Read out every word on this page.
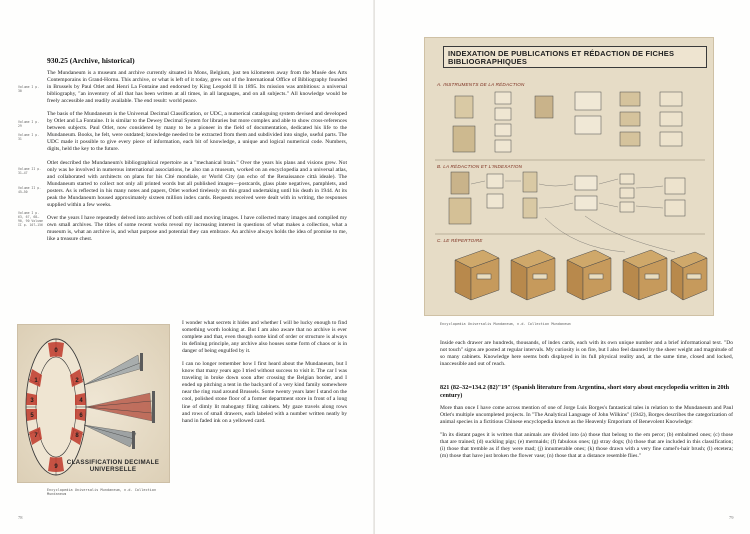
930.25 (Archive, historical)
Volume I p. 30
Volume I p. 29
Volume I p. 31
Volume II p. 31–47
Volume II p. 45–50
Volume I p. 63, 67, 68–90, 90 Volume II p. 107–156

The Mundaneum is a museum and archive currently situated in Mons, Belgium, just ten kilometers away from the Musée des Arts Contemporains in Grand-Hornu. This archive, or what is left of it today, grew out of the International Office of Bibliography founded in Brussels by Paul Otlet and Henri La Fontaine and endorsed by King Leopold II in 1895. Its mission was ambitious: a universal bibliography, "an inventory of all that has been written at all times, in all languages, and on all subjects." All knowledge would be freely accessible and readily available. The end result: world peace.

The basis of the Mundaneum is the Universal Decimal Classification, or UDC, a numerical cataloguing system devised and developed by Otlet and La Fontaine. It is similar to the Dewey Decimal System for libraries but more complex and able to show cross-references between subjects. Paul Otlet, now considered by many to be a pioneer in the field of documentation, dedicated his life to the Mundaneum. Books, he felt, were outdated; knowledge needed to be extracted from them and subdivided into single, useful parts. The UDC made it possible to give every piece of information, each bit of knowledge, a unique and logical numerical code. Numbers, digits, held the key to the future.

Otlet described the Mundaneum's bibliographical repertoire as a "mechanical brain." Over the years his plans and visions grew. Not only was he involved in numerous international associations, he also ran a museum, worked on an encyclopedia and a universal atlas, and collaborated with architects on plans for his Cité mondiale, or World City (an echo of the Renaissance città ideale). The Mundaneum started to collect not only all printed words but all published images—postcards, glass plate negatives, pamphlets, and posters. As is reflected in his many notes and papers, Otlet worked tirelessly on this grand undertaking until his death in 1944. At its peak the Mundaneum housed approximately sixteen million index cards. Requests received were dealt with in writing, the responses supplied within a few weeks.

Over the years I have repeatedly delved into archives of both still and moving images. I have collected many images and compiled my own small archives. The titles of some recent works reveal my increasing interest in questions of what makes a collection, what a museum is, what an archive is, and what purpose and potential they can embrace. An archive always holds the idea of promise to me, like a treasure chest.

I wonder what secrets it hides and whether I will be lucky enough to find something worth looking at. But I am also aware that no archive is ever complete and that, even though some kind of order or structure is always its defining principle, any archive also houses some form of chaos or is in danger of being engulfed by it.

I can no longer remember how I first heard about the Mundaneum, but I know that many years ago I tried without success to visit it. The car I was traveling in broke down soon after crossing the Belgian border, and I ended up pitching a tent in the backyard of a very kind family somewhere near the ring road around Brussels. Some twenty years later I stand on the cool, polished stone floor of a former department store in front of a long line of dimly lit mahogany filing cabinets. My gaze travels along rows and rows of small drawers, each labeled with a number written neatly by hand in faded ink on a yellowed card.

0
1	2
3	4
5	6
7	8
9
CLASSIFICATION DECIMALE UNIVERSELLE
Encyclopedia Universalis Mundaneum, n.d. Collection Mundaneum
78
INDEXATION DE PUBLICATIONS ET RÉDACTION DE FICHES BIBLIOGRAPHIQUES
A. INSTRUMENTS DE LA RÉDACTION
B. LA RÉDACTION ET L'INDEXATION
C. LE RÉPERTOIRE
Encyclopedia Universalis Mundaneum, n.d. Collection Mundaneum

Inside each drawer are hundreds, thousands, of index cards, each with its own unique number and a brief informational text. "Do not touch" signs are posted at regular intervals. My curiosity is on fire, but I also feel daunted by the sheer weight and magnitude of so many cabinets. Knowledge here seems both displayed in its full physical reality and, at the same time, closed and locked, inaccessible and out of reach.

821 (82–32=134.2 (82)"19" (Spanish literature from Argentina, short story about encyclopedia written in 20th century)

More than once I have come across mention of one of Jorge Luis Borges's fantastical tales in relation to the Mundaneum and Paul Otlet's multiple uncompleted projects. In "The Analytical Language of John Wilkins" (1942), Borges describes the categorization of animal species in a fictitious Chinese encyclopedia known as the Heavenly Emporium of Benevolent Knowledge:

"In its distant pages it is written that animals are divided into (a) those that belong to the em peror; (b) embalmed ones; (c) those that are trained; (d) suckling pigs; (e) mermaids; (f) fabulous ones; (g) stray dogs; (h) those that are included in this classification; (i) those that tremble as if they were mad; (j) innumerable ones; (k) those drawn with a very fine camel's-hair brush; (l) etcetera; (m) those that have just broken the flower vase; (n) those that at a distance resemble flies."

79
